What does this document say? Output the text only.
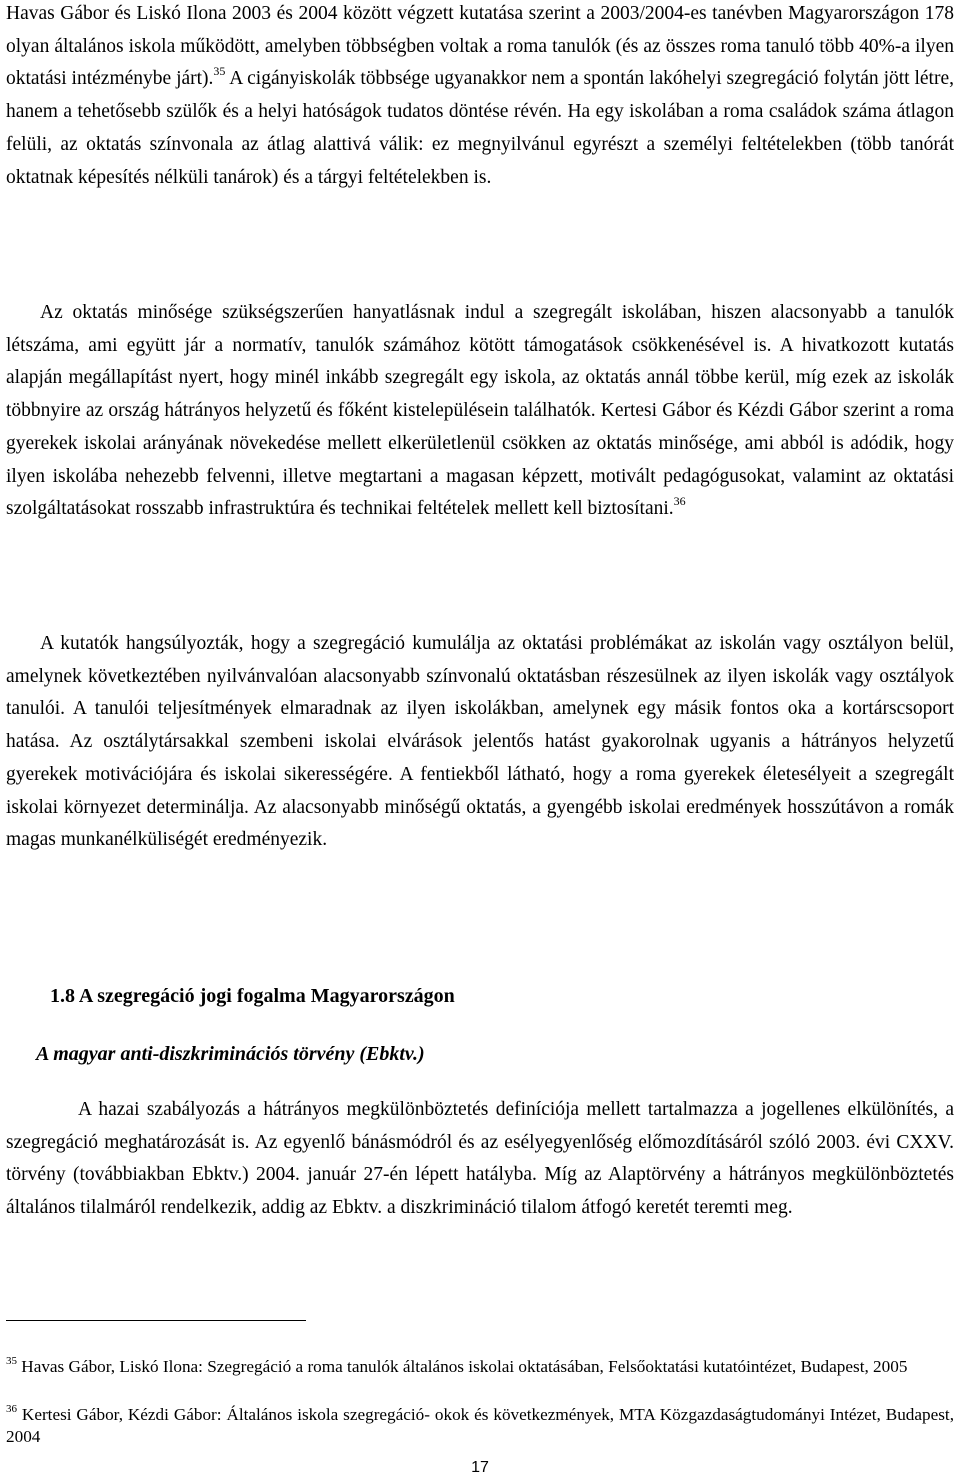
Havas Gábor és Liskó Ilona 2003 és 2004 között végzett kutatása szerint a 2003/2004-es tanévben Magyarországon 178 olyan általános iskola működött, amelyben többségben voltak a roma tanulók (és az összes roma tanuló több 40%-a ilyen oktatási intézménybe járt).$^{35}$ A cigányiskolák többsége ugyanakkor nem a spontán lakóhelyi szegregáció folytán jött létre, hanem a tehetősebb szülők és a helyi hatóságok tudatos döntése révén. Ha egy iskolában a roma családok száma átlagon felüli, az oktatás színvonala az átlag alattivá válik: ez megnyilvánul egyrészt a személyi feltételekben (több tanórát oktatnak képesítés nélküli tanárok) és a tárgyi feltételekben is.

Az oktatás minősége szükségszerűen hanyatlásnak indul a szegregált iskolában, hiszen alacsonyabb a tanulók létszáma, ami együtt jár a normatív, tanulók számához kötött támogatások csökkenésével is. A hivatkozott kutatás alapján megállapítást nyert, hogy minél inkább szegregált egy iskola, az oktatás annál többe kerül, míg ezek az iskolák többnyire az ország hátrányos helyzetű és főként kistelepülésein találhatók. Kertesi Gábor és Kézdi Gábor szerint a roma gyerekek iskolai arányának növekedése mellett elkerületlenül csökken az oktatás minősége, ami abból is adódik, hogy ilyen iskolába nehezebb felvenni, illetve megtartani a magasan képzett, motivált pedagógusokat, valamint az oktatási szolgáltatásokat rosszabb infrastruktúra és technikai feltételek mellett kell biztosítani.$^{36}$

A kutatók hangsúlyozták, hogy a szegregáció kumulálja az oktatási problémákat az iskolán vagy osztályon belül, amelynek következtében nyilvánvalóan alacsonyabb színvonalú oktatásban részesülnek az ilyen iskolák vagy osztályok tanulói. A tanulói teljesítmények elmaradnak az ilyen iskolákban, amelynek egy másik fontos oka a kortárscsoport hatása. Az osztálytársakkal szembeni iskolai elvárások jelentős hatást gyakorolnak ugyanis a hátrányos helyzetű gyerekek motivációjára és iskolai sikerességére. A fentiekből látható, hogy a roma gyerekek életesélyeit a szegregált iskolai környezet determinálja. Az alacsonyabb minőségű oktatás, a gyengébb iskolai eredmények hosszútávon a romák magas munkanélküliségét eredményezik.

1.8 A szegregáció jogi fogalma Magyarországon
A magyar anti-diszkriminációs törvény (Ebktv.)

A hazai szabályozás a hátrányos megkülönböztetés definíciója mellett tartalmazza a jogellenes elkülönítés, a szegregáció meghatározását is. Az egyenlő bánásmódról és az esélyegyenlőség előmozdításáról szóló 2003. évi CXXV. törvény (továbbiakban Ebktv.) 2004. január 27-én lépett hatályba. Míg az Alaptörvény a hátrányos megkülönböztetés általános tilalmáról rendelkezik, addig az Ebktv. a diszkrimináció tilalom átfogó keretét teremti meg.

$^{35}$ Havas Gábor, Liskó Ilona: Szegregáció a roma tanulók általános iskolai oktatásában, Felsőoktatási kutatóintézet, Budapest, 2005

$^{36}$ Kertesi Gábor, Kézdi Gábor: Általános iskola szegregáció- okok és következmények, MTA Közgazdaságtudományi Intézet, Budapest, 2004

17
